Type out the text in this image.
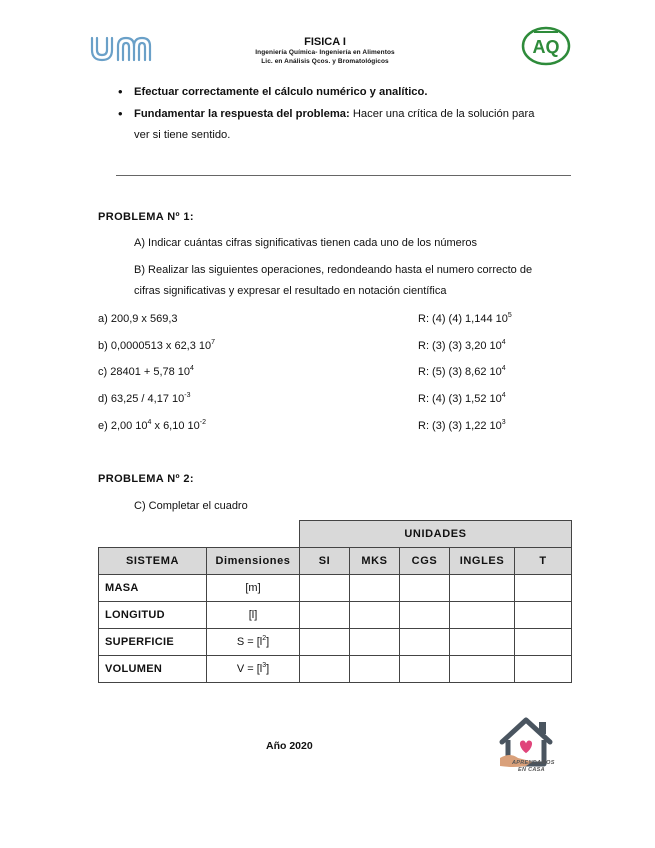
FISICA I
Ingeniería Química- Ingeniería en Alimentos
Lic. en Análisis Qcos. y Bromatológicos
AQ
• Efectuar correctamente el cálculo numérico y analítico.
• Fundamentar la respuesta del problema: Hacer una crítica de la solución para
ver si tiene sentido.
PROBLEMA Nº 1:
A) Indicar cuántas cifras significativas tienen cada uno de los números
B) Realizar las siguientes operaciones, redondeando hasta el numero correcto de
cifras significativas y expresar el resultado en notación científica
a) 200,9 x 569,3	R: (4) (4) 1,144 $10^5$
b) 0,0000513 x 62,3 $10^7$	R: (3) (3) 3,20 $10^4$
c) 28401 + 5,78 $10^4$	R: (5) (3) 8,62 $10^4$
d) 63,25 / 4,17 $10^{-3}$	R: (4) (3) 1,52 $10^4$
e) 2,00 $10^4$ x 6,10 $10^{-2}$	R: (3) (3) 1,22 $10^3$
PROBLEMA Nº 2:
C) Completar el cuadro
		UNIDADES				
SISTEMA	Dimensiones	SI	MKS	CGS	INGLES	T
MASA	[m]					
LONGITUD	[l]					
SUPERFICIE	$S = [l^2]$					
VOLUMEN	$V = [l^3]$					
Año 2020
APRENDAMOS
EN CASA
